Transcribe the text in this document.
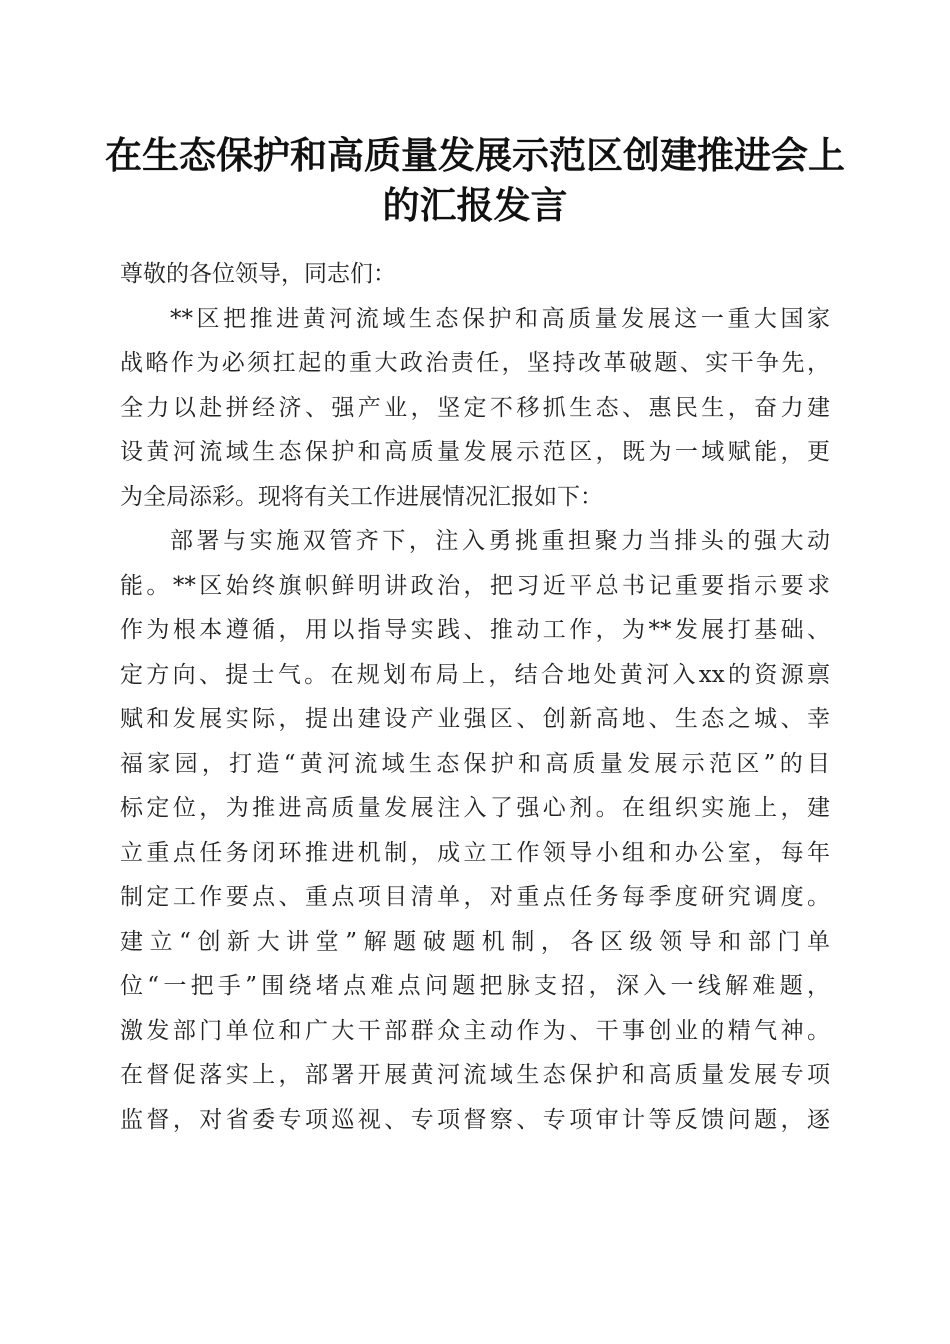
在生态保护和高质量发展示范区创建推进会上
的汇报发言
尊敬的各位领导，同志们：
**区把推进黄河流域生态保护和高质量发展这一重大国家
战略作为必须扛起的重大政治责任，坚持改革破题、实干争先，
全力以赴拼经济、强产业，坚定不移抓生态、惠民生，奋力建
设黄河流域生态保护和高质量发展示范区，既为一域赋能，更
为全局添彩。现将有关工作进展情况汇报如下：
部署与实施双管齐下，注入勇挑重担聚力当排头的强大动
能。**区始终旗帜鲜明讲政治，把习近平总书记重要指示要求
作为根本遵循，用以指导实践、推动工作，为**发展打基础、
定方向、提士气。在规划布局上，结合地处黄河入xx的资源禀
赋和发展实际，提出建设产业强区、创新高地、生态之城、幸
福家园，打造“黄河流域生态保护和高质量发展示范区”的目
标定位，为推进高质量发展注入了强心剂。在组织实施上，建
立重点任务闭环推进机制，成立工作领导小组和办公室，每年
制定工作要点、重点项目清单，对重点任务每季度研究调度。
建立“创新大讲堂”解题破题机制，各区级领导和部门单
位“一把手”围绕堵点难点问题把脉支招，深入一线解难题，
激发部门单位和广大干部群众主动作为、干事创业的精气神。
在督促落实上，部署开展黄河流域生态保护和高质量发展专项
监督，对省委专项巡视、专项督察、专项审计等反馈问题，逐
